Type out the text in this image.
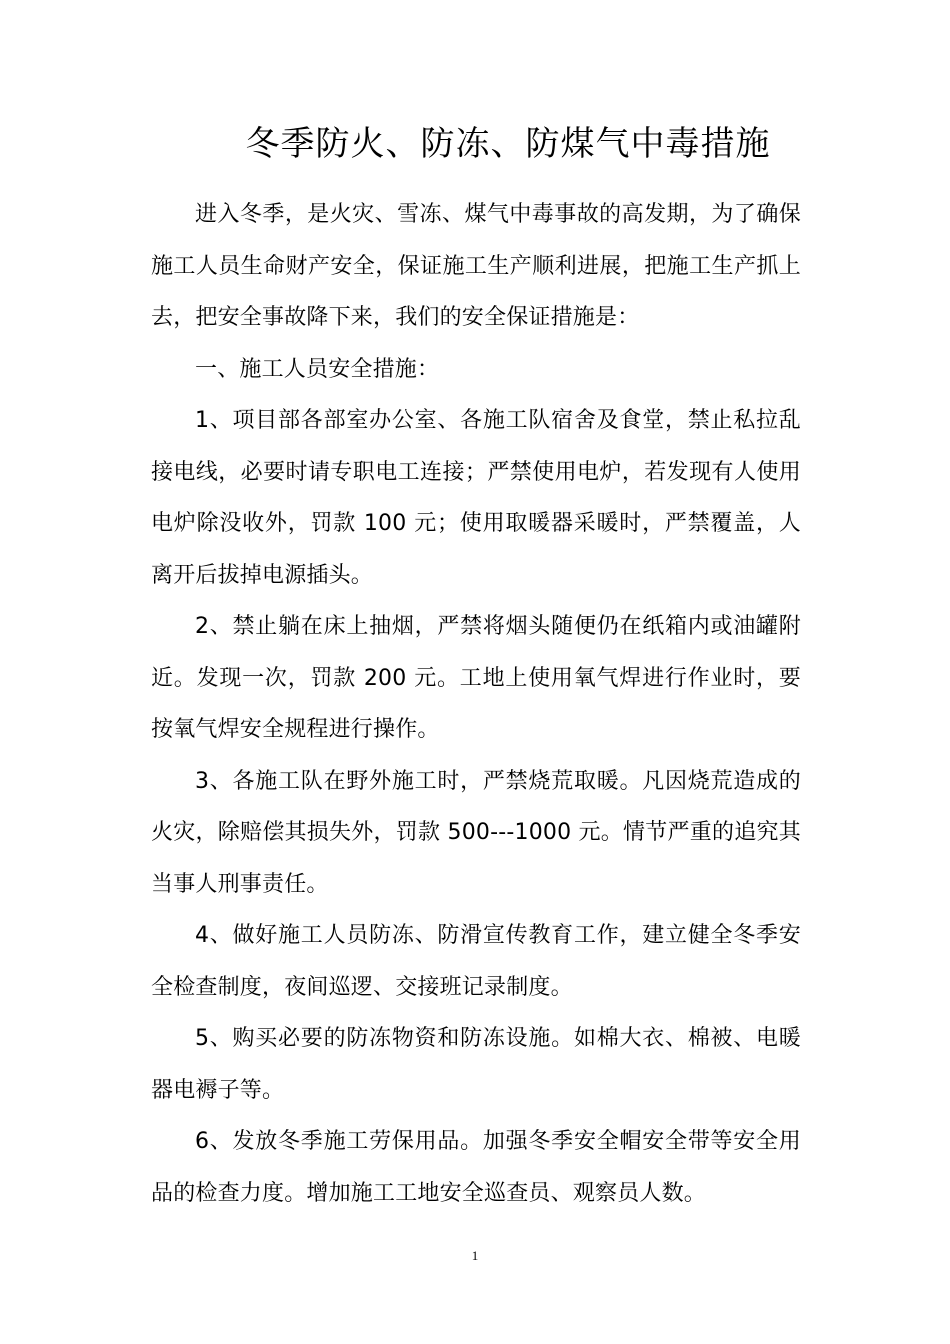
冬季防火、防冻、防煤气中毒措施

进入冬季，是火灾、雪冻、煤气中毒事故的高发期，为了确保施工人员生命财产安全，保证施工生产顺利进展，把施工生产抓上去，把安全事故降下来，我们的安全保证措施是：

一、施工人员安全措施：

1、项目部各部室办公室、各施工队宿舍及食堂，禁止私拉乱接电线，必要时请专职电工连接；严禁使用电炉，若发现有人使用电炉除没收外，罚款 100 元；使用取暖器采暖时，严禁覆盖，人离开后拔掉电源插头。

2、禁止躺在床上抽烟，严禁将烟头随便仍在纸箱内或油罐附近。发现一次，罚款 200 元。工地上使用氧气焊进行作业时，要按氧气焊安全规程进行操作。

3、各施工队在野外施工时，严禁烧荒取暖。凡因烧荒造成的火灾，除赔偿其损失外，罚款 500---1000 元。情节严重的追究其当事人刑事责任。

4、做好施工人员防冻、防滑宣传教育工作，建立健全冬季安全检查制度，夜间巡逻、交接班记录制度。

5、购买必要的防冻物资和防冻设施。如棉大衣、棉被、电暖器电褥子等。

6、发放冬季施工劳保用品。加强冬季安全帽安全带等安全用品的检查力度。增加施工工地安全巡查员、观察员人数。

1
